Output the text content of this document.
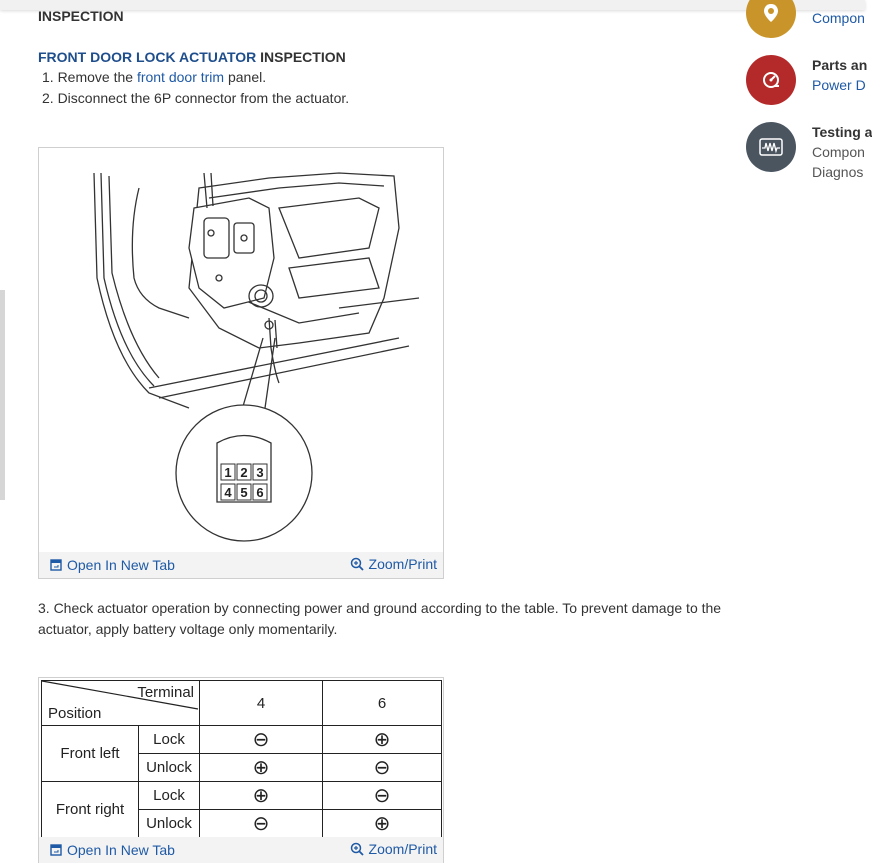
INSPECTION
FRONT DOOR LOCK ACTUATOR INSPECTION
1. Remove the front door trim panel.
2. Disconnect the 6P connector from the actuator.
1 2 3
4 5 6
Open In New Tab	Zoom/Print
3. Check actuator operation by connecting power and ground according to the table. To prevent damage to the actuator, apply battery voltage only momentarily.
Terminal
Position		4	6
Front left	Lock	⊖	⊕
	Unlock	⊕	⊖
Front right	Lock	⊕	⊖
	Unlock	⊖	⊕
Open In New Tab	Zoom/Print
Compon
Parts an
Power D
Testing a
Compon
Diagnos
